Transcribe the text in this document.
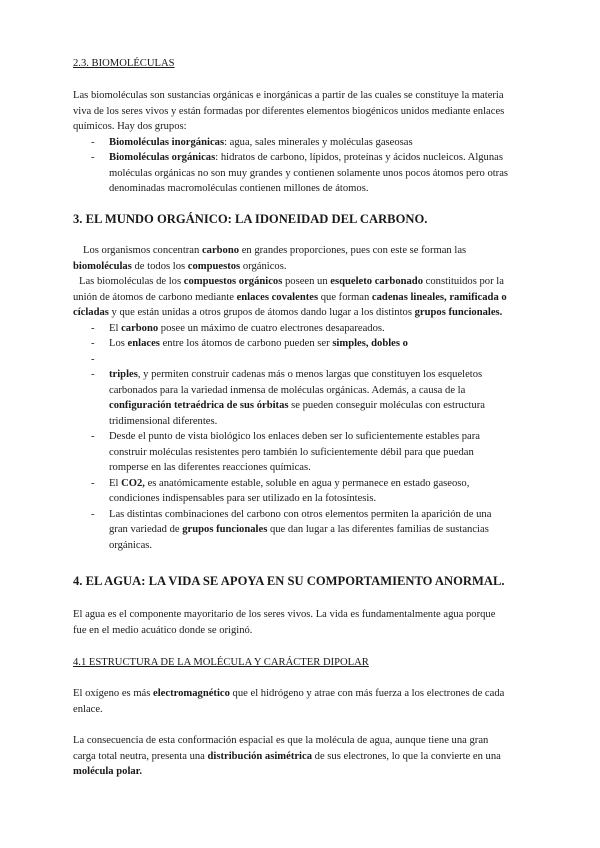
2.3. BIOMOLÉCULAS
Las biomoléculas son sustancias orgánicas e inorgánicas a partir de las cuales se constituye la materia
viva de los seres vivos y están formadas por diferentes elementos biogénicos unidos mediante enlaces
químicos. Hay dos grupos:
- Biomoléculas inorgánicas: agua, sales minerales y moléculas gaseosas
- Biomoléculas orgánicas: hidratos de carbono, lípidos, proteínas y ácidos nucleicos. Algunas
moléculas orgánicas no son muy grandes y contienen solamente unos pocos átomos pero otras
denominadas macromoléculas contienen millones de átomos.
3. EL MUNDO ORGÁNICO: LA IDONEIDAD DEL CARBONO.
Los organismos concentran carbono en grandes proporciones, pues con este se forman las
biomoléculas de todos los compuestos orgánicos.
Las biomoléculas de los compuestos orgánicos poseen un esqueleto carbonado constituidos por la
unión de átomos de carbono mediante enlaces covalentes que forman cadenas lineales, ramificada o
cícladas y que están unidas a otros grupos de átomos dando lugar a los distintos grupos funcionales.
- El carbono posee un máximo de cuatro electrones desapareados.
- Los enlaces entre los átomos de carbono pueden ser simples, dobles o
-
- triples, y permiten construir cadenas más o menos largas que constituyen los esqueletos
carbonados para la variedad inmensa de moléculas orgánicas. Además, a causa de la
configuración tetraédrica de sus órbitas se pueden conseguir moléculas con estructura
tridimensional diferentes.
- Desde el punto de vista biológico los enlaces deben ser lo suficientemente estables para
construir moléculas resistentes pero también lo suficientemente débil para que puedan
romperse en las diferentes reacciones químicas.
- El CO2, es anatómicamente estable, soluble en agua y permanece en estado gaseoso,
condiciones indispensables para ser utilizado en la fotosíntesis.
- Las distintas combinaciones del carbono con otros elementos permiten la aparición de una
gran variedad de grupos funcionales que dan lugar a las diferentes familias de sustancias
orgánicas.
4. EL AGUA: LA VIDA SE APOYA EN SU COMPORTAMIENTO ANORMAL.
El agua es el componente mayoritario de los seres vivos. La vida es fundamentalmente agua porque
fue en el medio acuático donde se originó.
4.1 ESTRUCTURA DE LA MOLÉCULA Y CARÁCTER DIPOLAR
El oxígeno es más electromagnético que el hidrógeno y atrae con más fuerza a los electrones de cada
enlace.
La consecuencia de esta conformación espacial es que la molécula de agua, aunque tiene una gran
carga total neutra, presenta una distribución asimétrica de sus electrones, lo que la convierte en una
molécula polar.
